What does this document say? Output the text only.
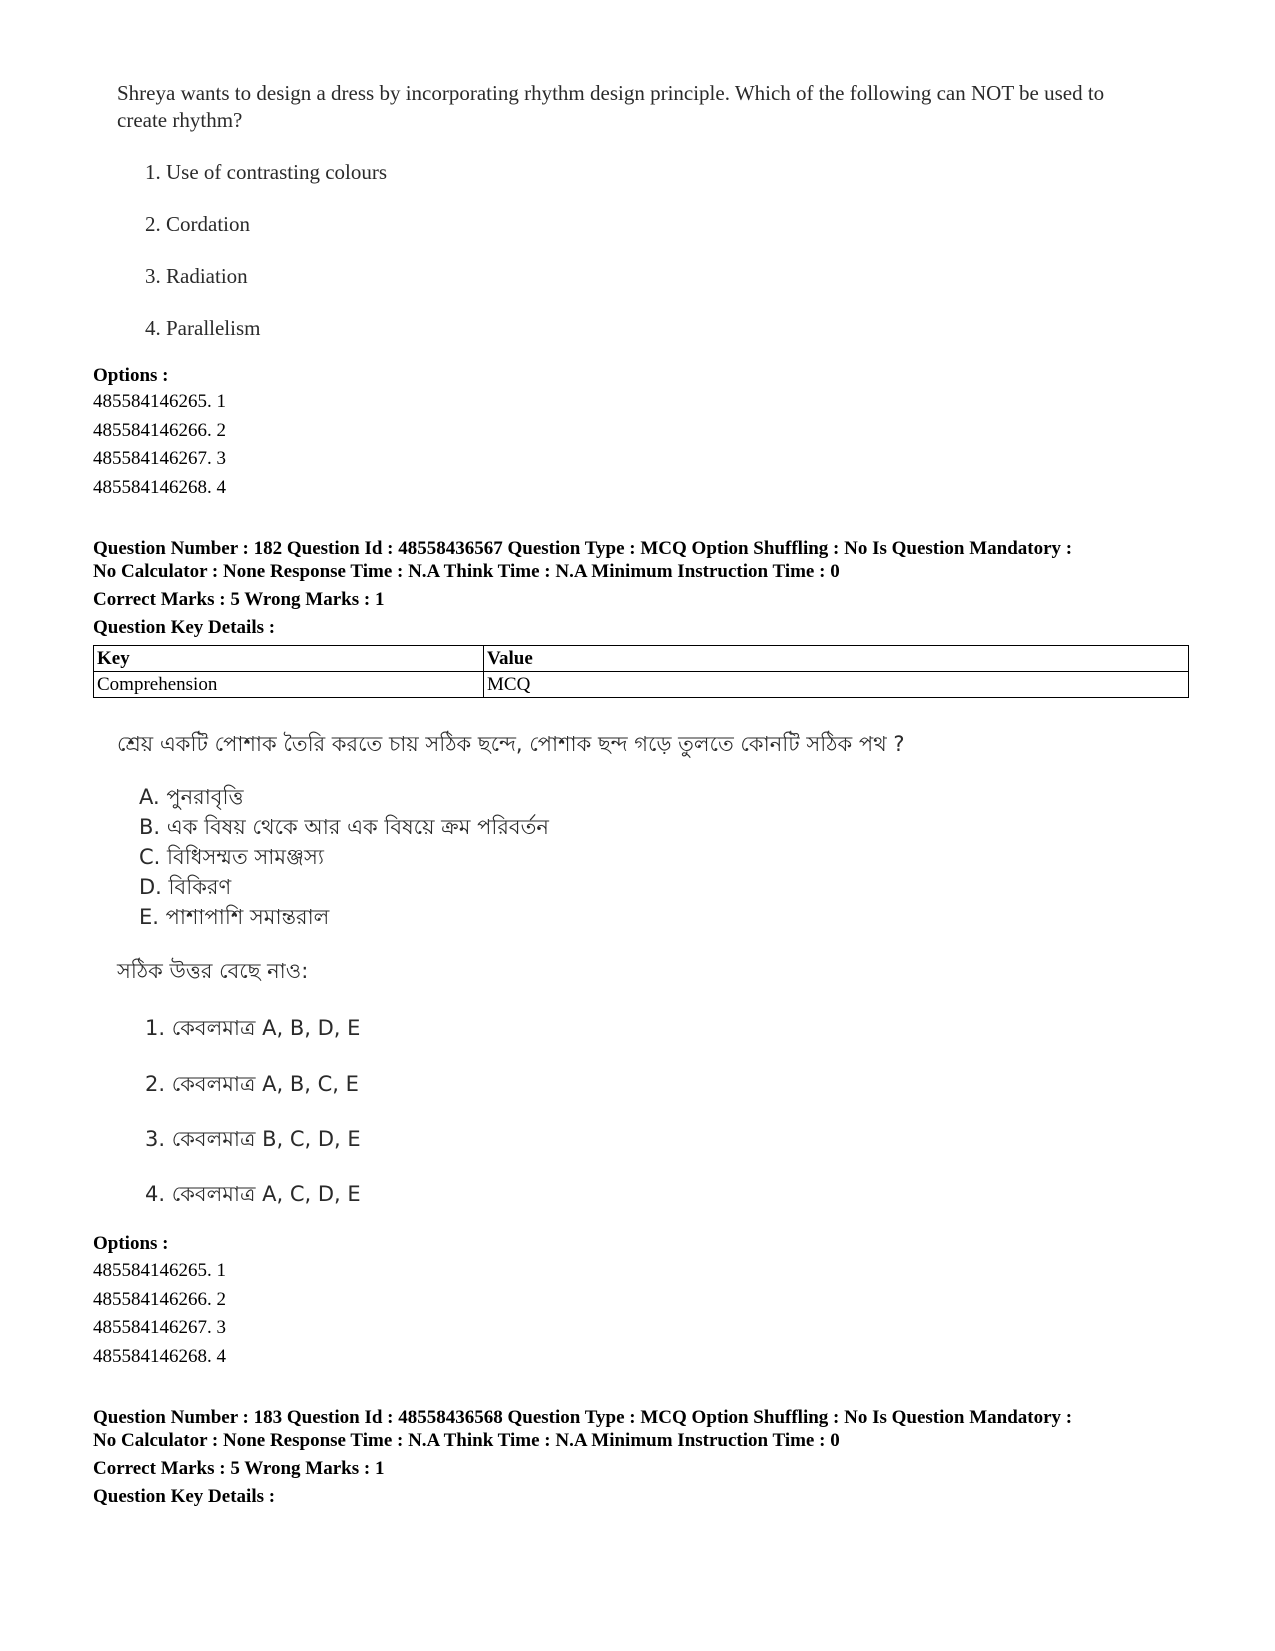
Shreya wants to design a dress by incorporating rhythm design principle. Which of the following can NOT be used to create rhythm?
1. Use of contrasting colours
2. Cordation
3. Radiation
4. Parallelism
Options :
485584146265. 1
485584146266. 2
485584146267. 3
485584146268. 4
Question Number : 182 Question Id : 48558436567 Question Type : MCQ Option Shuffling : No Is Question Mandatory :
No Calculator : None Response Time : N.A Think Time : N.A Minimum Instruction Time : 0
Correct Marks : 5 Wrong Marks : 1
Question Key Details :
Key	Value
Comprehension	MCQ
শ্রেয় একটি পোশাক তৈরি করতে চায় সঠিক ছন্দে, পোশাক ছন্দ গড়ে তুলতে কোনটি সঠিক পথ ?
A. পুনরাবৃত্তি
B. এক বিষয় থেকে আর এক বিষয়ে ক্রম পরিবর্তন
C. বিধিসম্মত সামঞ্জস্য
D. বিকিরণ
E. পাশাপাশি সমান্তরাল
সঠিক উত্তর বেছে নাও:
1. কেবলমাত্র A, B, D, E
2. কেবলমাত্র A, B, C, E
3. কেবলমাত্র B, C, D, E
4. কেবলমাত্র A, C, D, E
Options :
485584146265. 1
485584146266. 2
485584146267. 3
485584146268. 4
Question Number : 183 Question Id : 48558436568 Question Type : MCQ Option Shuffling : No Is Question Mandatory :
No Calculator : None Response Time : N.A Think Time : N.A Minimum Instruction Time : 0
Correct Marks : 5 Wrong Marks : 1
Question Key Details :
